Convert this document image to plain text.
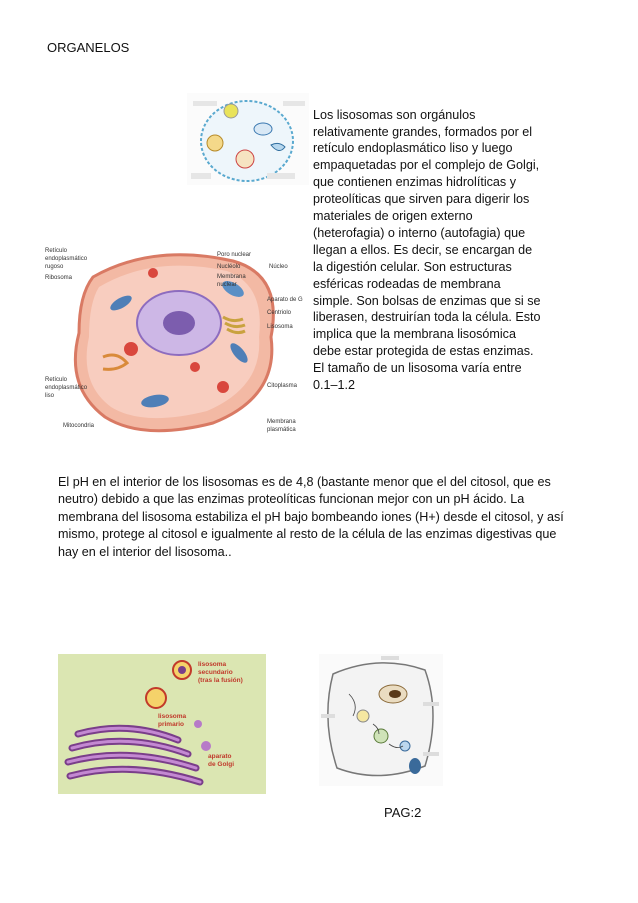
ORGANELOS

Los lisosomas son orgánulos
relativamente grandes, formados por el
retículo endoplasmático liso y luego
empaquetadas por el complejo de Golgi,
que contienen enzimas hidrolíticas y
proteolíticas que sirven para digerir los
materiales de origen externo
(heterofagia) o interno (autofagia) que
llegan a ellos. Es decir, se encargan de
la digestión celular. Son estructuras
esféricas rodeadas de membrana
simple. Son bolsas de enzimas que si se
liberasen, destruirían toda la célula. Esto
implica que la membrana lisosómica
debe estar protegida de estas enzimas.
El tamaño de un lisosoma varía entre
0.1–1.2

Retículo
endoplasmático
rugoso
Ribosoma
Retículo
endoplasmático
liso
Mitocondria
Poro nuclear
Nucléolo
Membrana
nuclear
Núcleo
Aparato de G
Centriolo
Lisosoma
Citoplasma
Membrana
plasmática

El pH en el interior de los lisosomas es de 4,8 (bastante menor que el del citosol, que es
neutro) debido a que las enzimas proteolíticas funcionan mejor con un pH ácido. La
membrana del lisosoma estabiliza el pH bajo bombeando iones (H+) desde el citosol, y así
mismo, protege al citosol e igualmente al resto de la célula de las enzimas digestivas que
hay en el interior del lisosoma..

lisosoma
secundario
(tras la fusión)
lisosoma
primario
aparato
de Golgi
PAG:2
